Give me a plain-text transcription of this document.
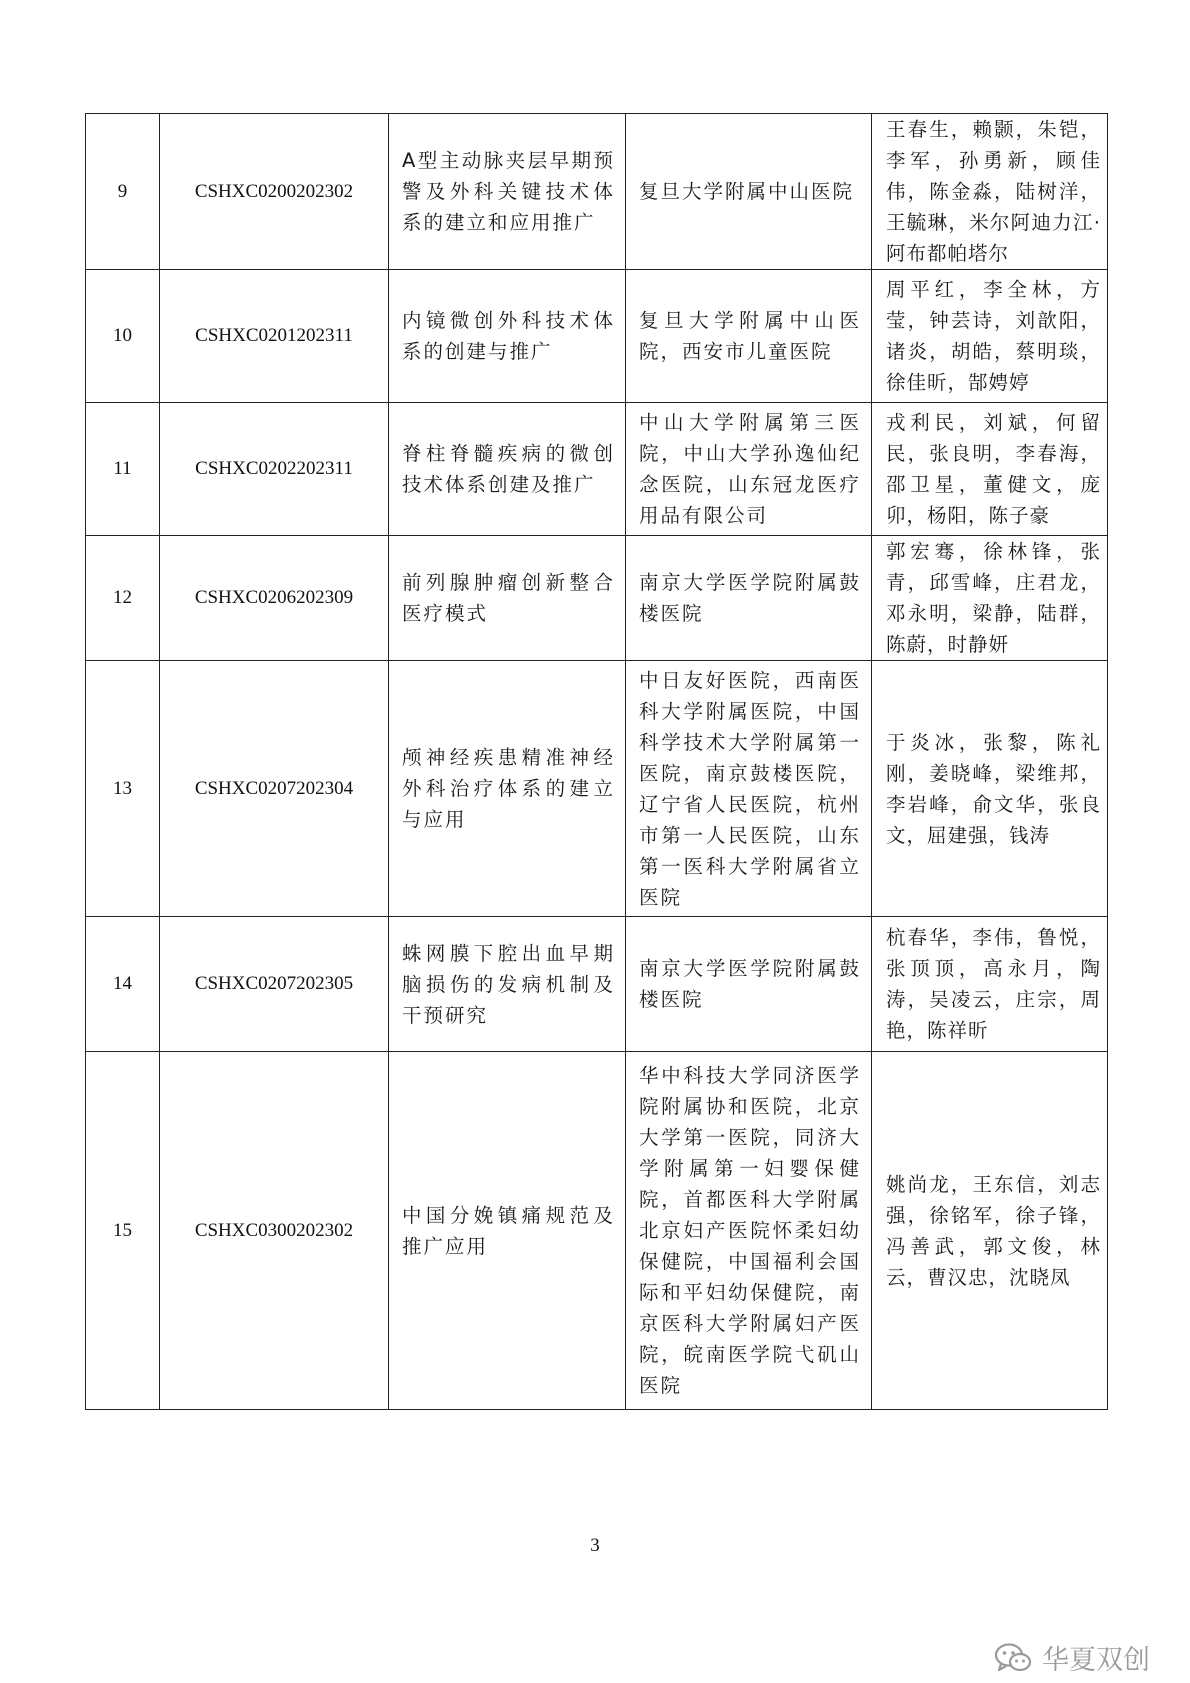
9	CSHXC0200202302	A型主动脉夹层早期预警及外科关键技术体系的建立和应用推广	复旦大学附属中山医院	王春生，赖颢，朱铠，李军，孙勇新，顾佳伟，陈金淼，陆树洋，王毓琳，米尔阿迪力江·阿布都帕塔尔

10	CSHXC0201202311	内镜微创外科技术体系的创建与推广	复旦大学附属中山医院，西安市儿童医院	周平红，李全林，方莹，钟芸诗，刘歆阳，诸炎，胡皓，蔡明琰，徐佳昕，郜娉婷

11	CSHXC0202202311	脊柱脊髓疾病的微创技术体系创建及推广	中山大学附属第三医院，中山大学孙逸仙纪念医院，山东冠龙医疗用品有限公司	戎利民，刘斌，何留民，张良明，李春海，邵卫星，董健文，庞卯，杨阳，陈子豪

12	CSHXC0206202309	前列腺肿瘤创新整合医疗模式	南京大学医学院附属鼓楼医院	郭宏骞，徐林锋，张青，邱雪峰，庄君龙，邓永明，梁静，陆群，陈蔚，时静妍

13	CSHXC0207202304	颅神经疾患精准神经外科治疗体系的建立与应用	中日友好医院，西南医科大学附属医院，中国科学技术大学附属第一医院，南京鼓楼医院，辽宁省人民医院，杭州市第一人民医院，山东第一医科大学附属省立医院	于炎冰，张黎，陈礼刚，姜晓峰，梁维邦，李岩峰，俞文华，张良文，屈建强，钱涛

14	CSHXC0207202305	蛛网膜下腔出血早期脑损伤的发病机制及干预研究	南京大学医学院附属鼓楼医院	杭春华，李伟，鲁悦，张顶顶，高永月，陶涛，吴凌云，庄宗，周艳，陈祥昕

15	CSHXC0300202302	中国分娩镇痛规范及推广应用	华中科技大学同济医学院附属协和医院，北京大学第一医院，同济大学附属第一妇婴保健院，首都医科大学附属北京妇产医院怀柔妇幼保健院，中国福利会国际和平妇幼保健院，南京医科大学附属妇产医院，皖南医学院弋矶山医院	姚尚龙，王东信，刘志强，徐铭军，徐子锋，冯善武，郭文俊，林云，曹汉忠，沈晓凤
3
华夏双创
